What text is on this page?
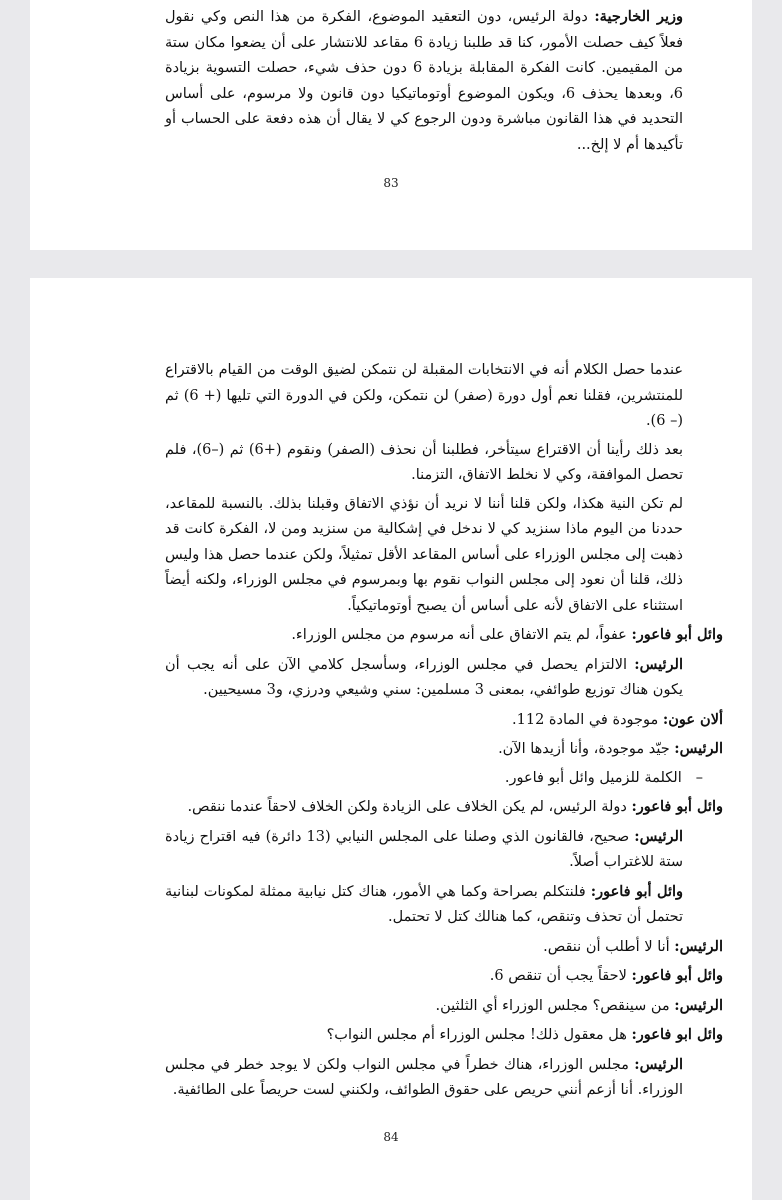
وزير الخارجية: دولة الرئيس، دون التعقيد الموضوع، الفكرة من هذا النص وكي نقول فعلاً كيف حصلت الأمور، كنا قد طلبنا زيادة 6 مقاعد للانتشار على أن يضعوا مكان ستة من المقيمين. كانت الفكرة المقابلة بزيادة 6 دون حذف شيء، حصلت التسوية بزيادة 6، وبعدها يحذف 6، ويكون الموضوع أوتوماتيكيا دون قانون ولا مرسوم، على أساس التحديد في هذا القانون مباشرة ودون الرجوع كي لا يقال أن هذه دفعة على الحساب أو تأكيدها أم لا إلخ...

83

عندما حصل الكلام أنه في الانتخابات المقبلة لن نتمكن لضيق الوقت من القيام بالاقتراع للمنتشرين، فقلنا نعم أول دورة (صفر) لن نتمكن، ولكن في الدورة التي تليها (+ 6) ثم (– 6).

بعد ذلك رأينا أن الاقتراع سيتأخر، فطلبنا أن نحذف (الصفر) ونقوم (+6) ثم (–6)، فلم تحصل الموافقة، وكي لا نخلط الاتفاق، التزمنا.

لم تكن النية هكذا، ولكن قلنا أننا لا نريد أن نؤذي الاتفاق وقبلنا بذلك. بالنسبة للمقاعد، حددنا من اليوم ماذا سنزيد كي لا ندخل في إشكالية من سنزيد ومن لا، الفكرة كانت قد ذهبت إلى مجلس الوزراء على أساس المقاعد الأقل تمثيلاً، ولكن عندما حصل هذا وليس ذلك، قلنا أن نعود إلى مجلس النواب نقوم بها وبمرسوم في مجلس الوزراء، ولكنه أيضاً استثناء على الاتفاق لأنه على أساس أن يصبح أوتوماتيكياً.

وائل أبو فاعور: عفواً، لم يتم الاتفاق على أنه مرسوم من مجلس الوزراء.

الرئيس: الالتزام يحصل في مجلس الوزراء، وسأسجل كلامي الآن على أنه يجب أن يكون هناك توزيع طوائفي، بمعنى 3 مسلمين: سني وشيعي ودرزي، و3 مسيحيين.

ألان عون: موجودة في المادة 112.

الرئيس: جيّد موجودة، وأنا أزيدها الآن.

–الكلمة للزميل وائل أبو فاعور.

وائل أبو فاعور: دولة الرئيس، لم يكن الخلاف على الزيادة ولكن الخلاف لاحقاً عندما ننقص.

الرئيس: صحيح، فالقانون الذي وصلنا على المجلس النيابي (13 دائرة) فيه اقتراح زيادة ستة للاغتراب أصلاً.

وائل أبو فاعور: فلنتكلم بصراحة وكما هي الأمور، هناك كتل نيابية ممثلة لمكونات لبنانية تحتمل أن تحذف وتنقص، كما هنالك كتل لا تحتمل.

الرئيس: أنا لا أطلب أن ننقص.

وائل أبو فاعور: لاحقاً يجب أن تنقص 6.

الرئيس: من سينقص؟ مجلس الوزراء أي الثلثين.

وائل ابو فاعور: هل معقول ذلك! مجلس الوزراء أم مجلس النواب؟

الرئيس: مجلس الوزراء، هناك خطراً في مجلس النواب ولكن لا يوجد خطر في مجلس الوزراء. أنا أزعم أنني حريص على حقوق الطوائف، ولكنني لست حريصاً على الطائفية.

84
